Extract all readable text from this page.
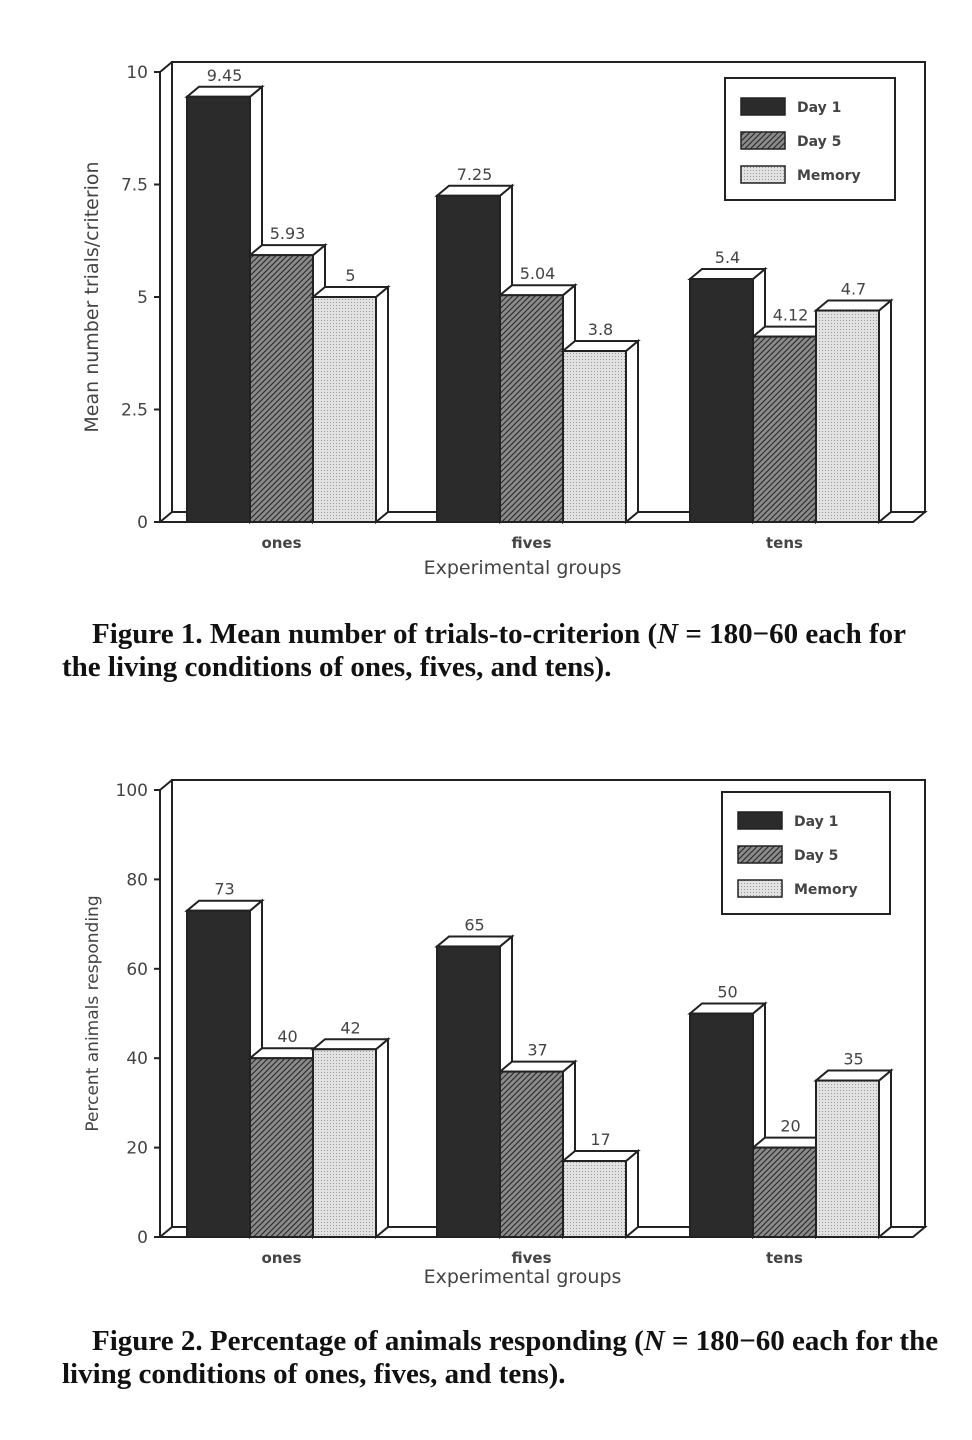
9.45
5.93
5
7.25
5.04
3.8
5.4
4.12
4.7
0
2.5
5
7.5
10
ones	fives	tens
Mean number trials/criterion
Experimental groups
Day 1
Day 5
Memory
Figure 1. Mean number of trials-to-criterion (N = 180−60 each for the living conditions of ones, fives, and tens).
73
40	42
65
37
17
50
20
35
0
20
40
60
80
100
ones	fives	tens
Percent animals responding
Experimental groups
Day 1
Day 5
Memory
Figure 2. Percentage of animals responding (N = 180−60 each for the living conditions of ones, fives, and tens).
